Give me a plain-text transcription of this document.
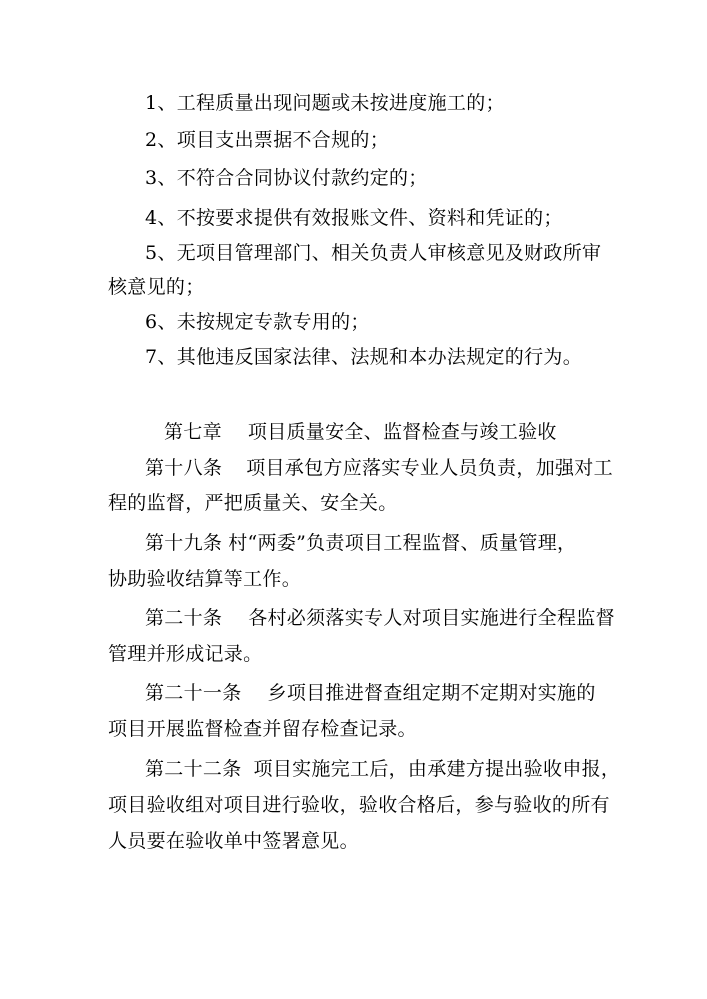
1、工程质量出现问题或未按进度施工的；
2、项目支出票据不合规的；
3、不符合合同协议付款约定的；
4、不按要求提供有效报账文件、资料和凭证的；
5、无项目管理部门、相关负责人审核意见及财政所审
核意见的；
6、未按规定专款专用的；
7、其他违反国家法律、法规和本办法规定的行为。
第七章 项目质量安全、监督检查与竣工验收
第十八条 项目承包方应落实专业人员负责，加强对工
程的监督，严把质量关、安全关。
第十九条 村“两委”负责项目工程监督、质量管理，
协助验收结算等工作。
第二十条 各村必须落实专人对项目实施进行全程监督
管理并形成记录。
第二十一条 乡项目推进督查组定期不定期对实施的
项目开展监督检查并留存检查记录。
第二十二条 项目实施完工后，由承建方提出验收申报，
项目验收组对项目进行验收，验收合格后，参与验收的所有
人员要在验收单中签署意见。
